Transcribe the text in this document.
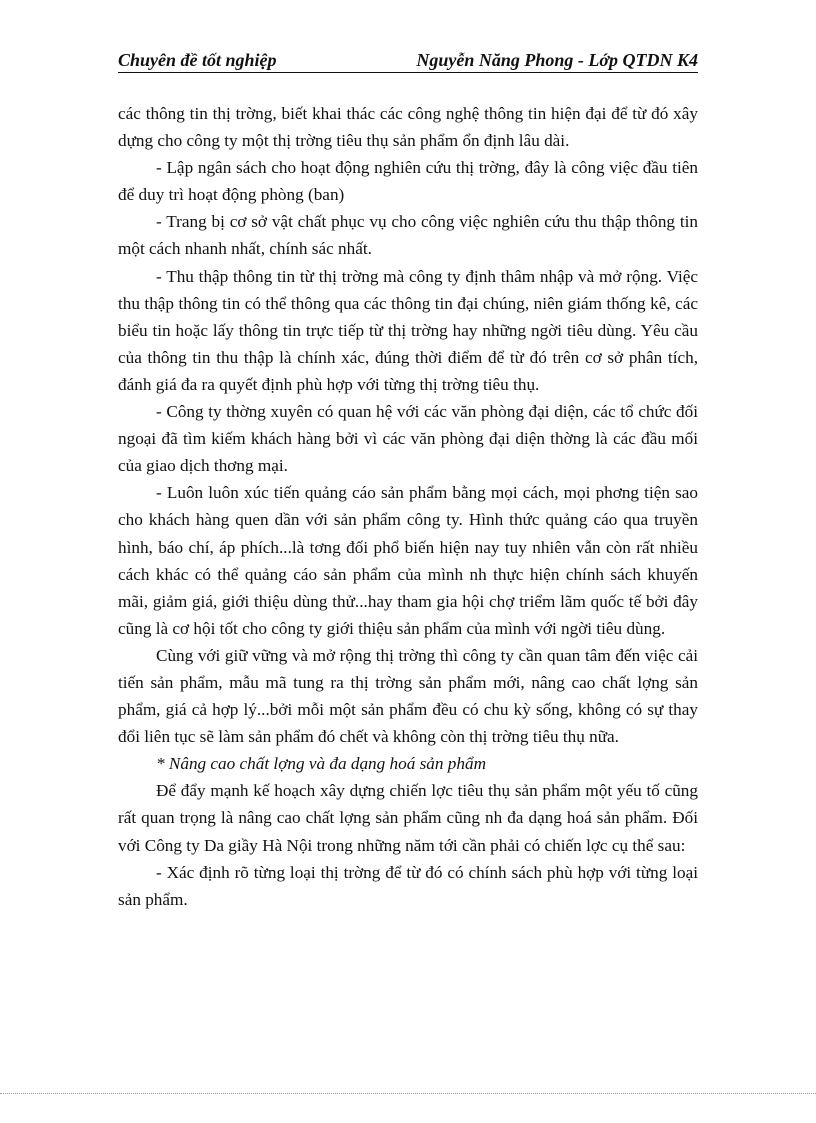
Chuyên đề tốt nghiệp	Nguyễn Năng Phong - Lớp QTDN K4

các thông tin thị trờng, biết khai thác các công nghệ thông tin hiện đại để từ đó xây dựng cho công ty một thị trờng tiêu thụ sản phẩm ổn định lâu dài.

- Lập ngân sách cho hoạt động nghiên cứu thị trờng, đây là công việc đầu tiên để duy trì hoạt động phòng (ban)

- Trang bị cơ sở vật chất phục vụ cho công việc nghiên cứu thu thập thông tin một cách nhanh nhất, chính sác nhất.

- Thu thập thông tin từ thị trờng mà công ty định thâm nhập và mở rộng. Việc thu thập thông tin có thể thông qua các thông tin đại chúng, niên giám thống kê, các biểu tin hoặc lấy thông tin trực tiếp từ thị trờng hay những ngời tiêu dùng. Yêu cầu của thông tin thu thập là chính xác, đúng thời điểm để từ đó trên cơ sở phân tích, đánh giá đa ra quyết định phù hợp với từng thị trờng tiêu thụ.

- Công ty thờng xuyên có quan hệ với các văn phòng đại diện, các tổ chức đối ngoại đã tìm kiếm khách hàng bởi vì các văn phòng đại diện thờng là các đầu mối của giao dịch thơng mại.

- Luôn luôn xúc tiến quảng cáo sản phẩm bằng mọi cách, mọi phơng tiện sao cho khách hàng quen dần với sản phẩm công ty. Hình thức quảng cáo qua truyền hình, báo chí, áp phích...là tơng đối phổ biến hiện nay tuy nhiên vẫn còn rất nhiều cách khác có thể quảng cáo sản phẩm của mình nh thực hiện chính sách khuyến mãi, giảm giá, giới thiệu dùng thử...hay tham gia hội chợ triểm lãm quốc tế bởi đây cũng là cơ hội tốt cho công ty giới thiệu sản phẩm của mình với ngời tiêu dùng.

Cùng với giữ vững và mở rộng thị trờng thì công ty cần quan tâm đến việc cải tiến sản phẩm, mẫu mã tung ra thị trờng sản phẩm mới, nâng cao chất lợng sản phẩm, giá cả hợp lý...bởi mỗi một sản phẩm đều có chu kỳ sống, không có sự thay đổi liên tục sẽ làm sản phẩm đó chết và không còn thị trờng tiêu thụ nữa.

* Nâng cao chất lợng và đa dạng hoá sản phẩm

Để đẩy mạnh kế hoạch xây dựng chiến lợc tiêu thụ sản phẩm một yếu tố cũng rất quan trọng là nâng cao chất lợng sản phẩm cũng nh đa dạng hoá sản phẩm. Đối với Công ty Da giầy Hà Nội trong những năm tới cần phải có chiến lợc cụ thể sau:

- Xác định rõ từng loại thị trờng để từ đó có chính sách phù hợp với từng loại sản phẩm.
